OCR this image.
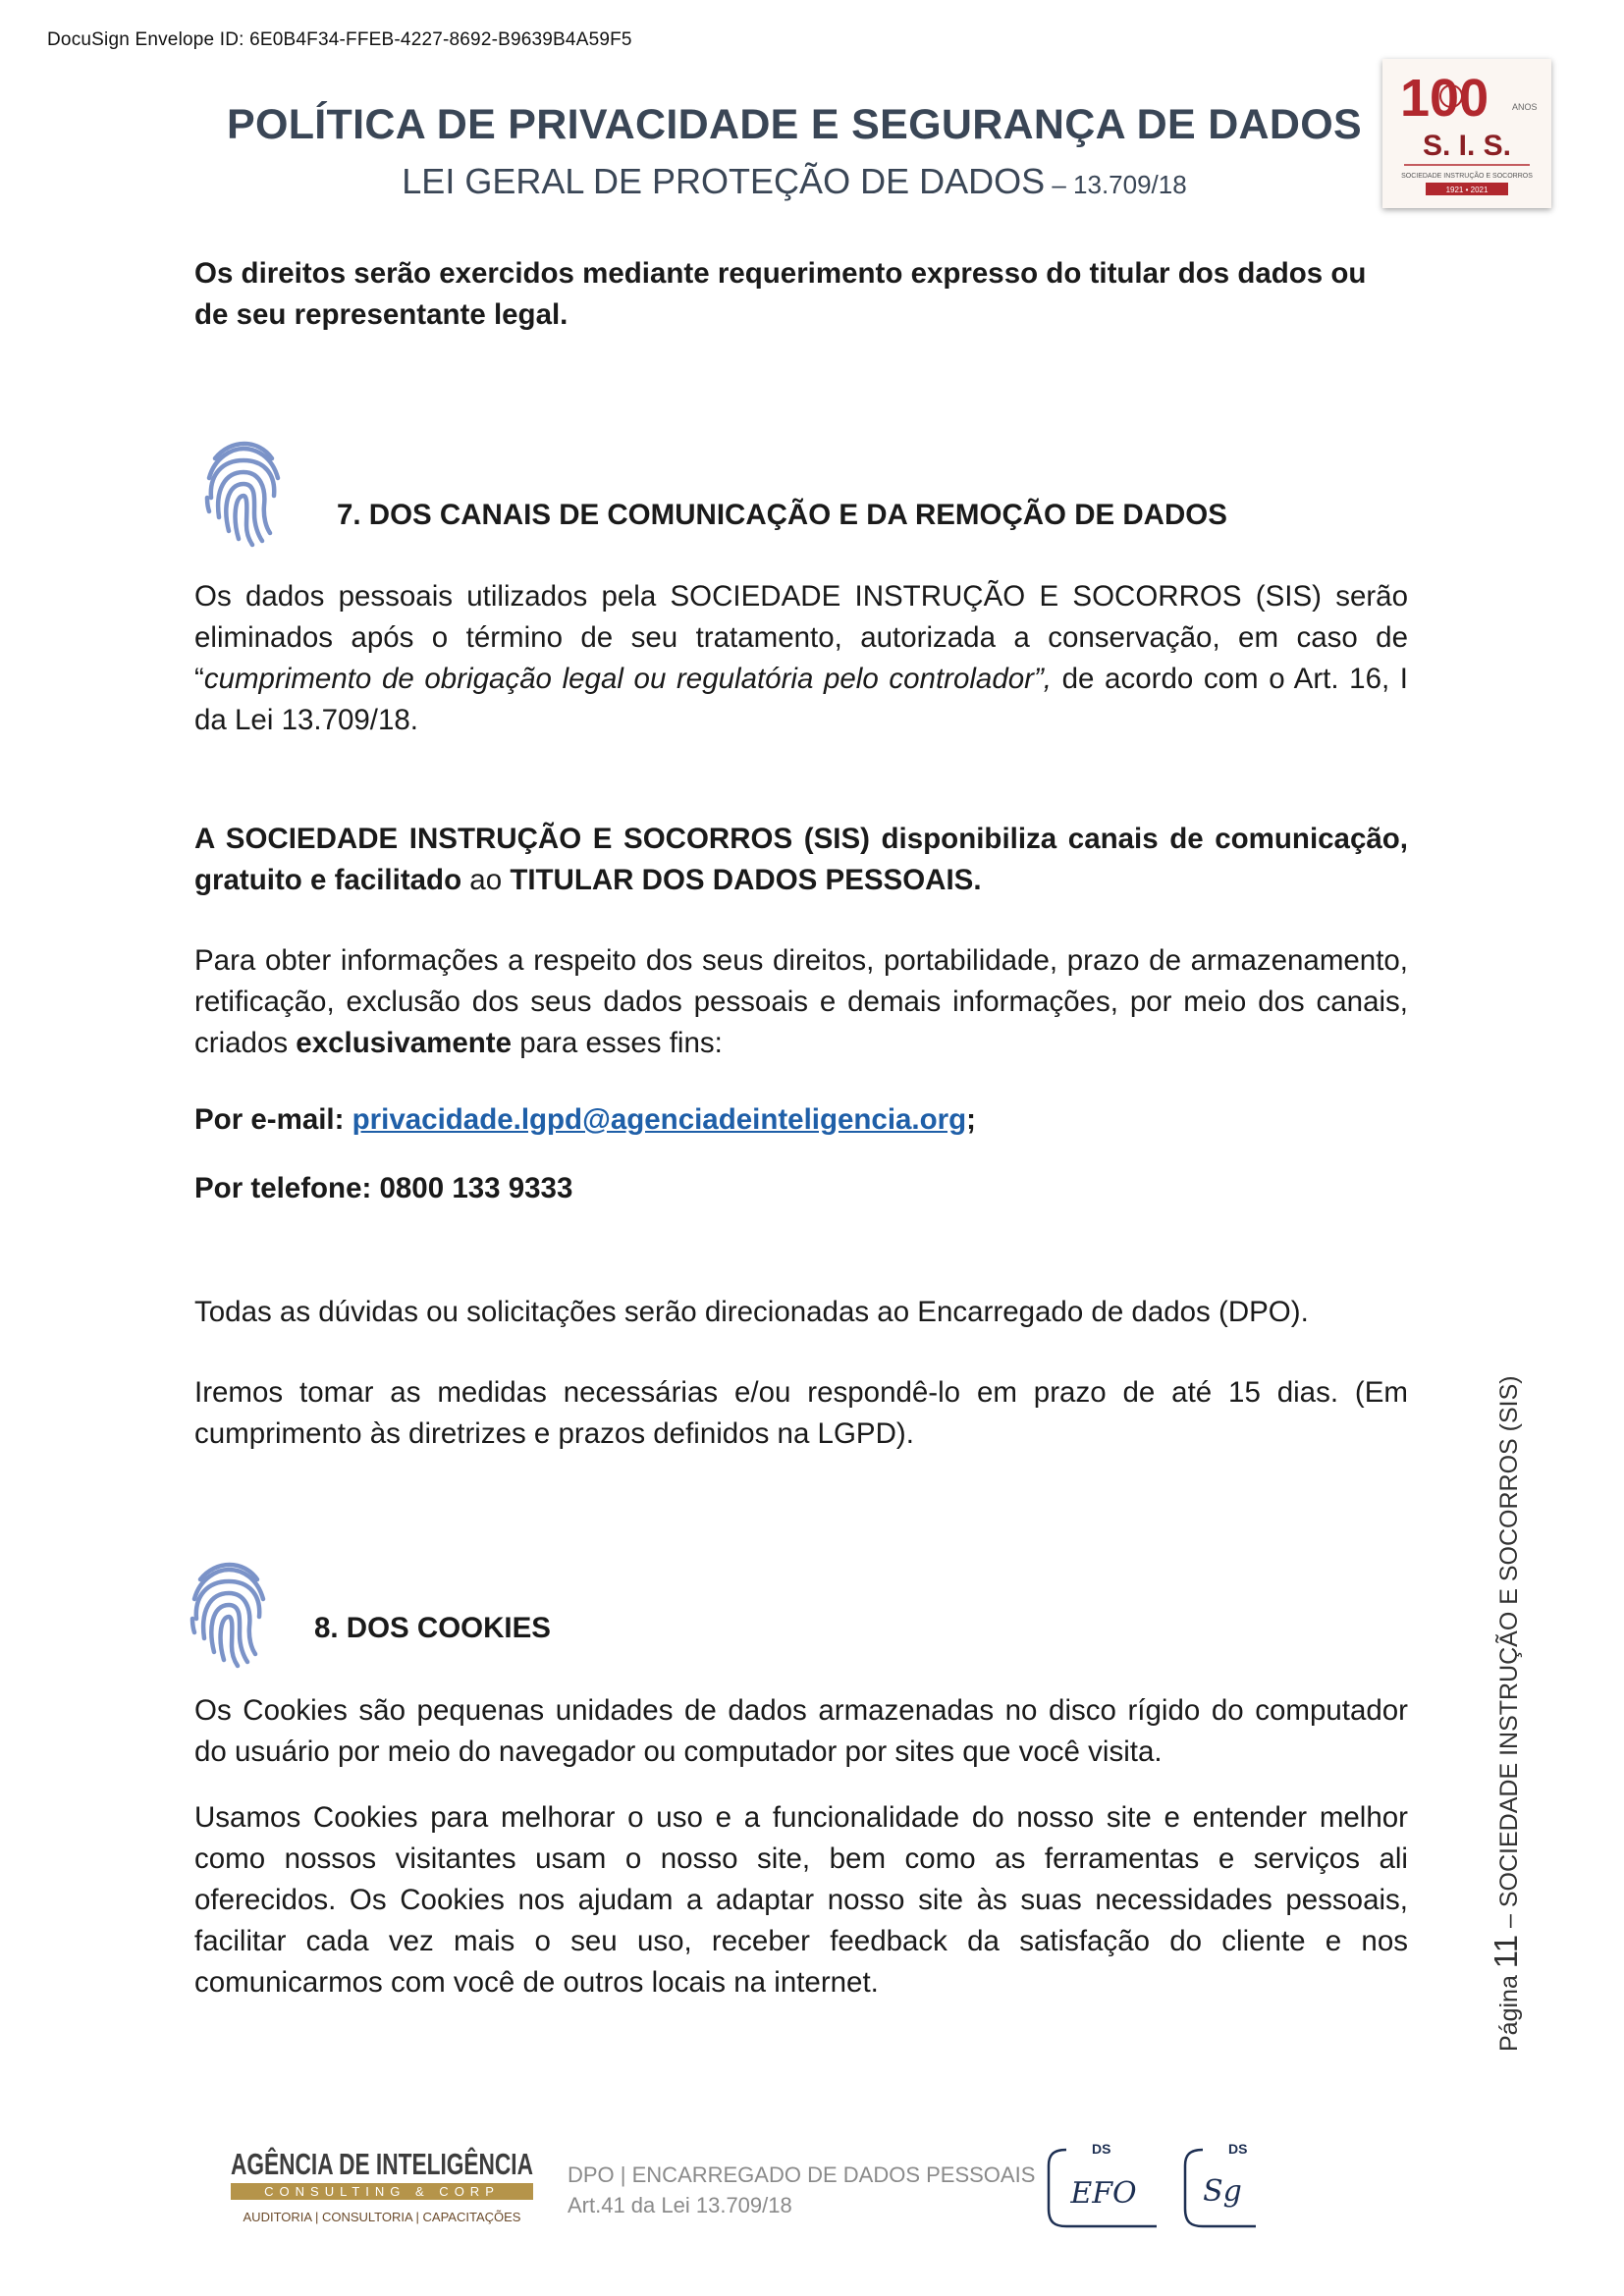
DocuSign Envelope ID: 6E0B4F34-FFEB-4227-8692-B9639B4A59F5
POLÍTICA DE PRIVACIDADE E SEGURANÇA DE DADOS
LEI GERAL DE PROTEÇÃO DE DADOS – 13.709/18
100	ANOS
S. I. S.
SOCIEDADE INSTRUÇÃO E SOCORROS
1921 • 2021
Os direitos serão exercidos mediante requerimento expresso do titular dos dados ou de seu representante legal.
7. DOS CANAIS DE COMUNICAÇÃO E DA REMOÇÃO DE DADOS
Os dados pessoais utilizados pela SOCIEDADE INSTRUÇÃO E SOCORROS (SIS) serão eliminados após o término de seu tratamento, autorizada a conservação, em caso de “cumprimento de obrigação legal ou regulatória pelo controlador”, de acordo com o Art. 16, I da Lei 13.709/18.
A SOCIEDADE INSTRUÇÃO E SOCORROS (SIS) disponibiliza canais de comunicação, gratuito e facilitado ao TITULAR DOS DADOS PESSOAIS.
Para obter informações a respeito dos seus direitos, portabilidade, prazo de armazenamento, retificação, exclusão dos seus dados pessoais e demais informações, por meio dos canais, criados exclusivamente para esses fins:
Por e-mail: privacidade.lgpd@agenciadeinteligencia.org;
Por telefone: 0800 133 9333
Todas as dúvidas ou solicitações serão direcionadas ao Encarregado de dados (DPO).
Iremos tomar as medidas necessárias e/ou respondê-lo em prazo de até 15 dias. (Em cumprimento às diretrizes e prazos definidos na LGPD).
8. DOS COOKIES
Os Cookies são pequenas unidades de dados armazenadas no disco rígido do computador do usuário por meio do navegador ou computador por sites que você visita.
Usamos Cookies para melhorar o uso e a funcionalidade do nosso site e entender melhor como nossos visitantes usam o nosso site, bem como as ferramentas e serviços ali oferecidos. Os Cookies nos ajudam a adaptar nosso site às suas necessidades pessoais, facilitar cada vez mais o seu uso, receber feedback da satisfação do cliente e nos comunicarmos com você de outros locais na internet.	Página 11 – SOCIEDADE INSTRUÇÃO E SOCORROS (SIS)
AGÊNCIA DE INTELIGÊNCIA
CONSULTING & CORP
AUDITORIA | CONSULTORIA | CAPACITAÇÕES
DPO | ENCARREGADO DE DADOS PESSOAIS
Art.41 da Lei 13.709/18
DS
EFO
DS
Sg
